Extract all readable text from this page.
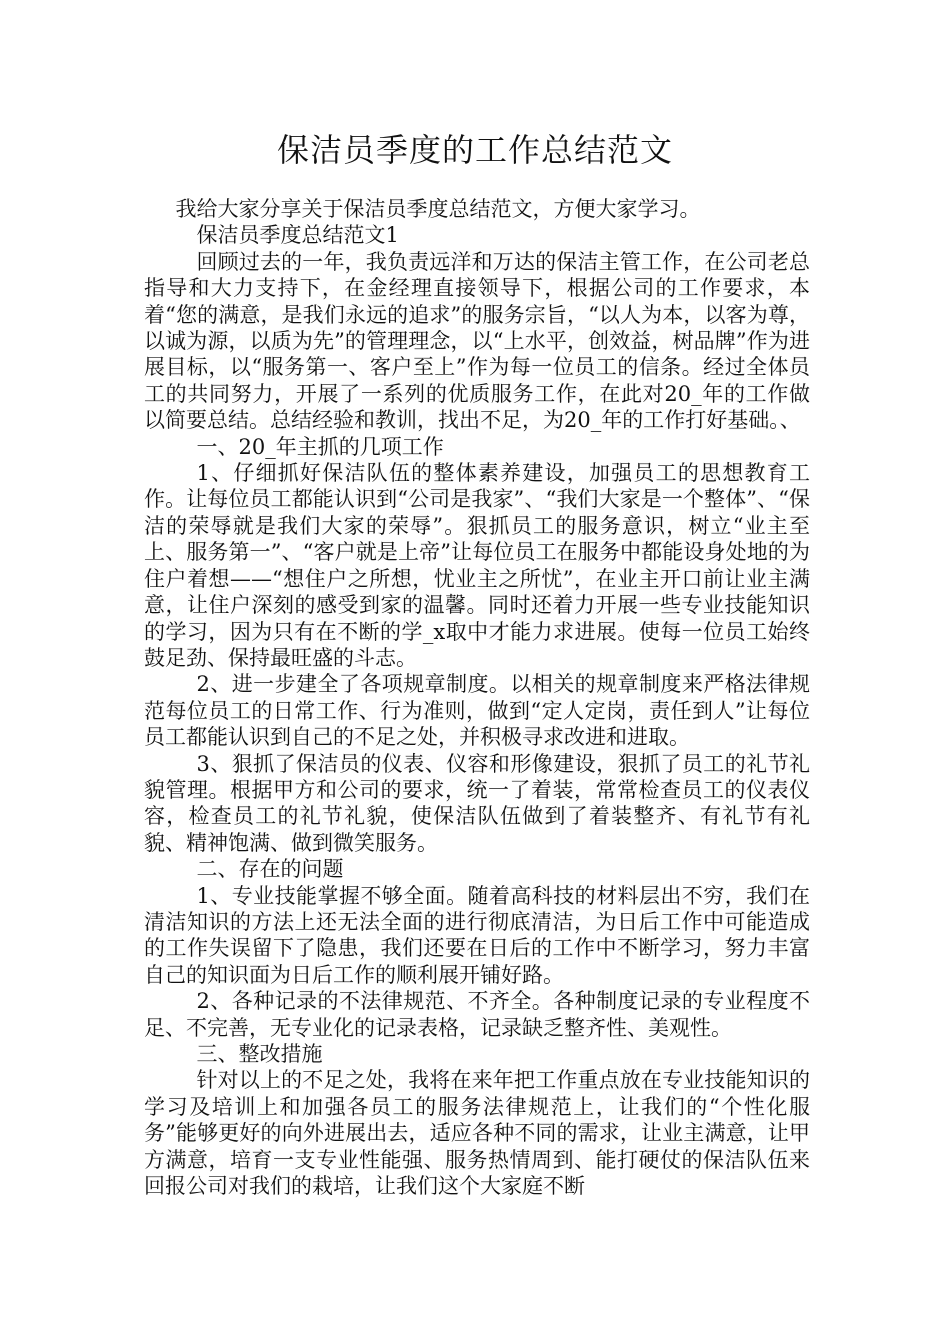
保洁员季度的工作总结范文

我给大家分享关于保洁员季度总结范文，方便大家学习。

保洁员季度总结范文1

回顾过去的一年，我负责远洋和万达的保洁主管工作，在公司老总指导和大力支持下，在金经理直接领导下，根据公司的工作要求，本着“您的满意，是我们永远的追求”的服务宗旨，“以人为本，以客为尊，以诚为源，以质为先”的管理理念，以“上水平，创效益，树品牌”作为进展目标，以“服务第一、客户至上”作为每一位员工的信条。经过全体员工的共同努力，开展了一系列的优质服务工作，在此对20_年的工作做以简要总结。总结经验和教训，找出不足，为20_年的工作打好基础。、

一、20_年主抓的几项工作

1、仔细抓好保洁队伍的整体素养建设，加强员工的思想教育工作。让每位员工都能认识到“公司是我家”、“我们大家是一个整体”、“保洁的荣辱就是我们大家的荣辱”。狠抓员工的服务意识，树立“业主至上、服务第一”、“客户就是上帝”让每位员工在服务中都能设身处地的为住户着想——“想住户之所想，忧业主之所忧”，在业主开口前让业主满意，让住户深刻的感受到家的温馨。同时还着力开展一些专业技能知识的学习，因为只有在不断的学_x取中才能力求进展。使每一位员工始终鼓足劲、保持最旺盛的斗志。

2、进一步建全了各项规章制度。以相关的规章制度来严格法律规范每位员工的日常工作、行为准则，做到“定人定岗，责任到人”让每位员工都能认识到自己的不足之处，并积极寻求改进和进取。

3、狠抓了保洁员的仪表、仪容和形像建设，狠抓了员工的礼节礼貌管理。根据甲方和公司的要求，统一了着装，常常检查员工的仪表仪容，检查员工的礼节礼貌，使保洁队伍做到了着装整齐、有礼节有礼貌、精神饱满、做到微笑服务。

二、存在的问题

1、专业技能掌握不够全面。随着高科技的材料层出不穷，我们在清洁知识的方法上还无法全面的进行彻底清洁，为日后工作中可能造成的工作失误留下了隐患，我们还要在日后的工作中不断学习，努力丰富自己的知识面为日后工作的顺利展开铺好路。

2、各种记录的不法律规范、不齐全。各种制度记录的专业程度不足、不完善，无专业化的记录表格，记录缺乏整齐性、美观性。

三、整改措施

针对以上的不足之处，我将在来年把工作重点放在专业技能知识的学习及培训上和加强各员工的服务法律规范上，让我们的“个性化服务”能够更好的向外进展出去，适应各种不同的需求，让业主满意，让甲方满意，培育一支专业性能强、服务热情周到、能打硬仗的保洁队伍来回报公司对我们的栽培，让我们这个大家庭不断
